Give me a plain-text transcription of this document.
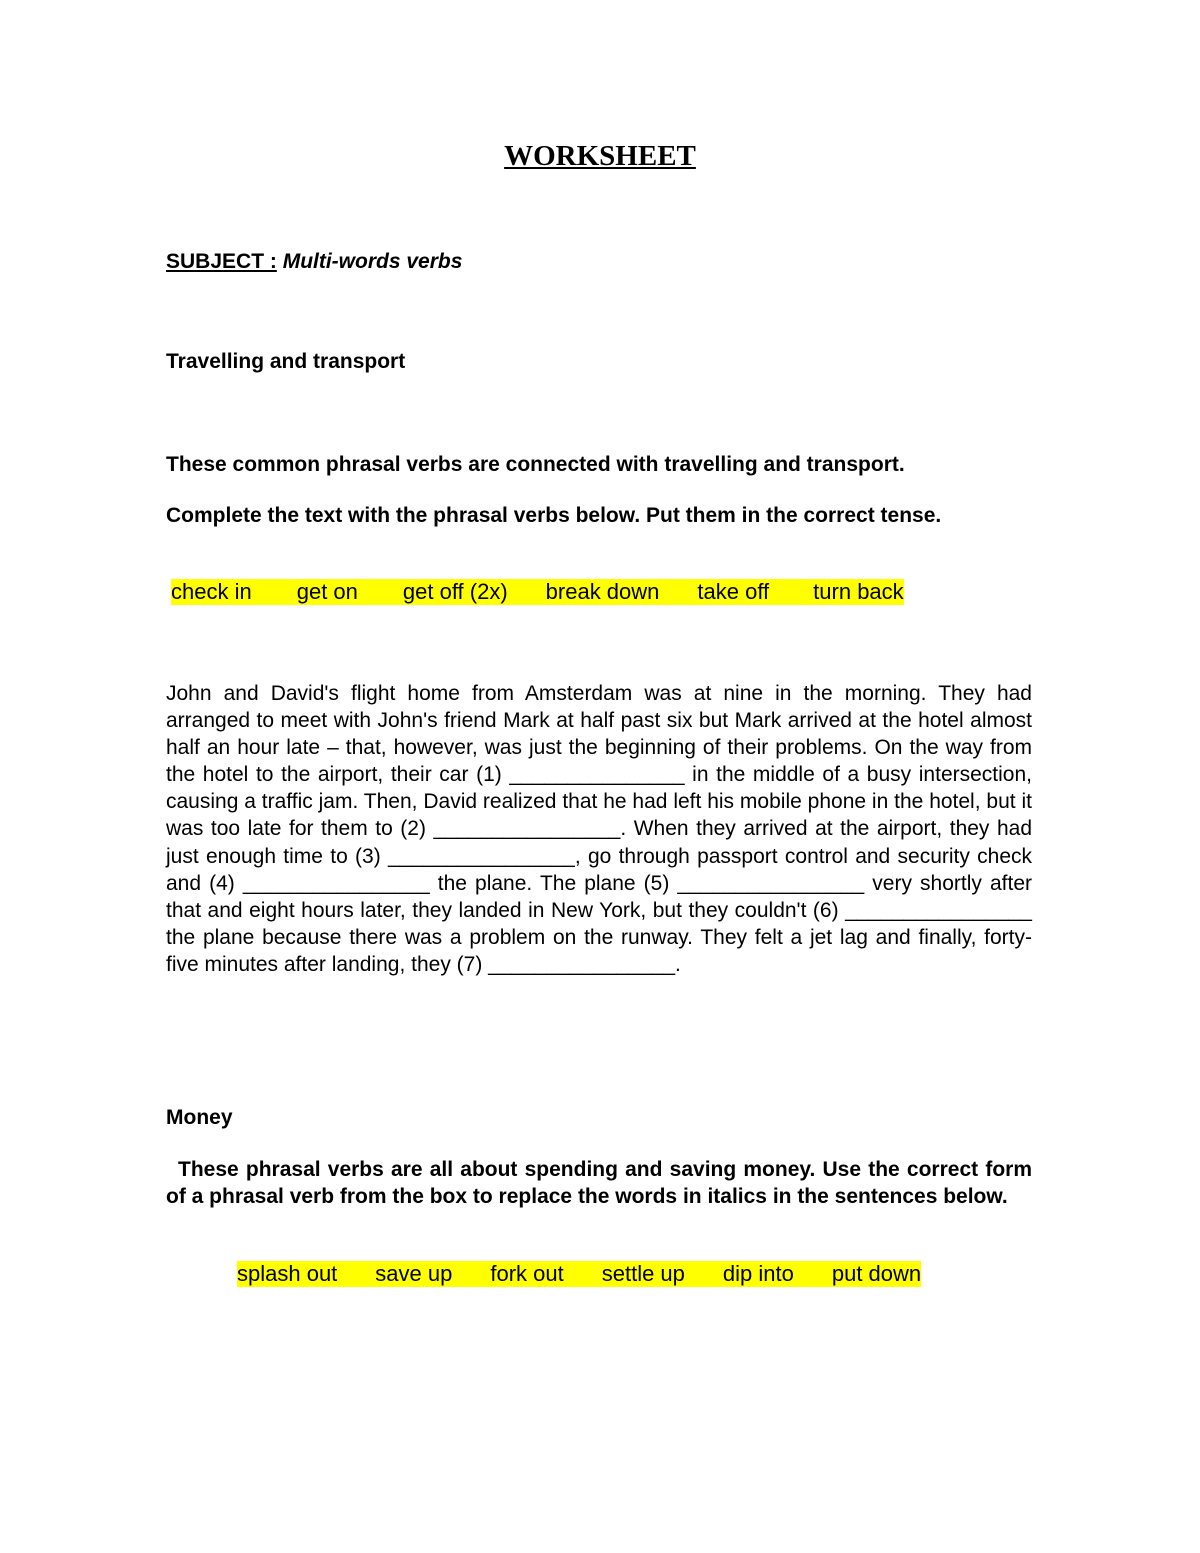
WORKSHEET

SUBJECT : Multi-words verbs

Travelling and transport

These common phrasal verbs are connected with travelling and transport.

Complete the text with the phrasal verbs below. Put them in the correct tense.

check in get on get off (2x) break down take off turn back

John and David's flight home from Amsterdam was at nine in the morning. They had arranged to meet with John's friend Mark at half past six but Mark arrived at the hotel almost half an hour late – that, however, was just the beginning of their problems. On the way from the hotel to the airport, their car (1) _______________ in the middle of a busy intersection, causing a traffic jam. Then, David realized that he had left his mobile phone in the hotel, but it was too late for them to (2) ________________. When they arrived at the airport, they had just enough time to (3) ________________, go through passport control and security check and (4) ________________ the plane. The plane (5) ________________ very shortly after that and eight hours later, they landed in New York, but they couldn't (6) ________________ the plane because there was a problem on the runway. They felt a jet lag and finally, forty-five minutes after landing, they (7) ________________.

Money

These phrasal verbs are all about spending and saving money. Use the correct form of a phrasal verb from the box to replace the words in italics in the sentences below.

splash out save up fork out settle up dip into put down
